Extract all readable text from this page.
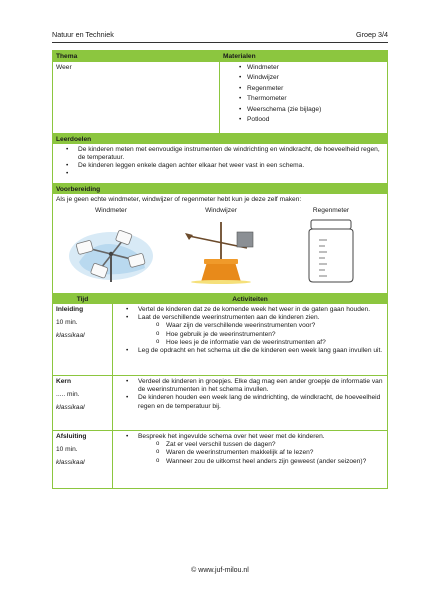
Natuur en Techniek	Groep 3/4
Thema	Materialen
Weer
•	Windmeter
• Windwijzer
• Regenmeter
• Thermometer
• Weerschema (zie bijlage)
• Potlood
Leerdoelen
• De kinderen meten met eenvoudige instrumenten de windrichting en windkracht, de hoeveelheid regen, de temperatuur.
• De kinderen leggen enkele dagen achter elkaar het weer vast in een schema.
Voorbereiding
Als je geen echte windmeter, windwijzer of regenmeter hebt kun je deze zelf maken:
Windmeter	Windwijzer	Regenmeter
Tijd	Activiteiten
Inleiding
10 min.
klassikaal
• Vertel de kinderen dat ze de komende week het weer in de gaten gaan houden.
• Laat de verschillende weerinstrumenten aan de kinderen zien.
o Waar zijn de verschillende weerinstrumenten voor?
o Hoe gebruik je de weerinstrumenten?
o Hoe lees je de informatie van de weerinstrumenten af?
• Leg de opdracht en het schema uit die de kinderen een week lang gaan invullen uit.
Kern
..... min.
klassikaal
• Verdeel de kinderen in groepjes. Elke dag mag een ander groepje de informatie van de weerinstrumenten in het schema invullen.
• De kinderen houden een week lang de windrichting, de windkracht, de hoeveelheid regen en de temperatuur bij.
Afsluiting
10 min.
klassikaal
• Bespreek het ingevulde schema over het weer met de kinderen.
o Zat er veel verschil tussen de dagen?
o Waren de weerinstrumenten makkelijk af te lezen?
o Wanneer zou de uitkomst heel anders zijn geweest (ander seizoen)?
© www.juf-milou.nl
